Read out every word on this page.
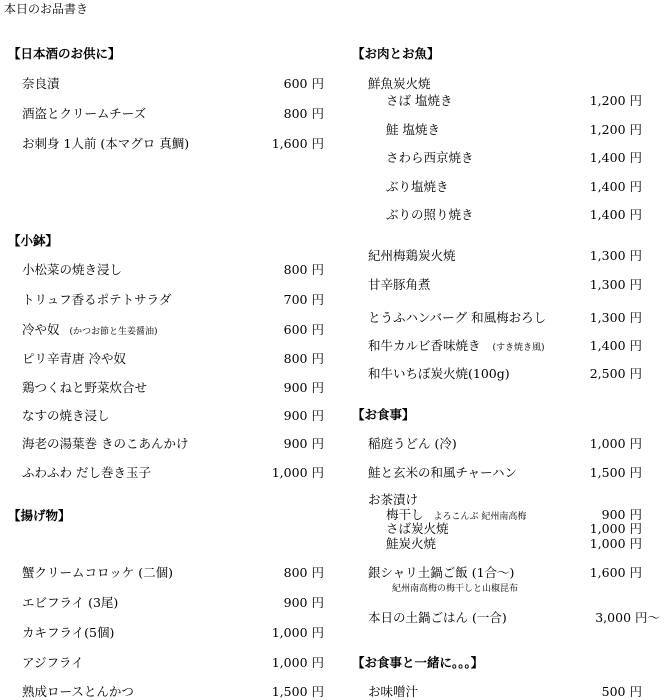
本日のお品書き
【日本酒のお供に】
奈良漬	600 円
酒盗とクリームチーズ	800 円
お刺身 1人前 (本マグロ 真鯛)	1,600 円
【小鉢】
小松菜の焼き浸し	800 円
トリュフ香るポテトサラダ	700 円
冷や奴 (かつお節と生姜醤油)	600 円
ピリ辛青唐 冷や奴	800 円
鶏つくねと野菜炊合せ	900 円
なすの焼き浸し	900 円
海老の湯葉巻 きのこあんかけ	900 円
ふわふわ だし巻き玉子	1,000 円
【揚げ物】
蟹クリームコロッケ (二個)	800 円
エビフライ (3尾)	900 円
カキフライ(5個)	1,000 円
アジフライ	1,000 円
熟成ロースとんかつ	1,500 円
【お肉とお魚】
鮮魚炭火焼
さば 塩焼き	1,200 円
鮭 塩焼き	1,200 円
さわら西京焼き	1,400 円
ぶり塩焼き	1,400 円
ぶりの照り焼き	1,400 円
紀州梅鶏炭火焼	1,300 円
甘辛豚角煮	1,300 円
とうふハンバーグ 和風梅おろし	1,300 円
和牛カルビ香味焼き (すき焼き風)	1,400 円
和牛いちぼ炭火焼(100g)	2,500 円
【お食事】
稲庭うどん (冷)	1,000 円
鮭と玄米の和風チャーハン	1,500 円
お茶漬け
梅干し よろこんぶ 紀州南高梅	900 円
さば炭火焼	1,000 円
鮭炭火焼	1,000 円
銀シャリ土鍋ご飯 (1合〜)	1,600 円
紀州南高梅の梅干しと山椒昆布
本日の土鍋ごはん (一合)	3,000 円〜
【お食事と一緒に。。。】
お味噌汁	500 円
